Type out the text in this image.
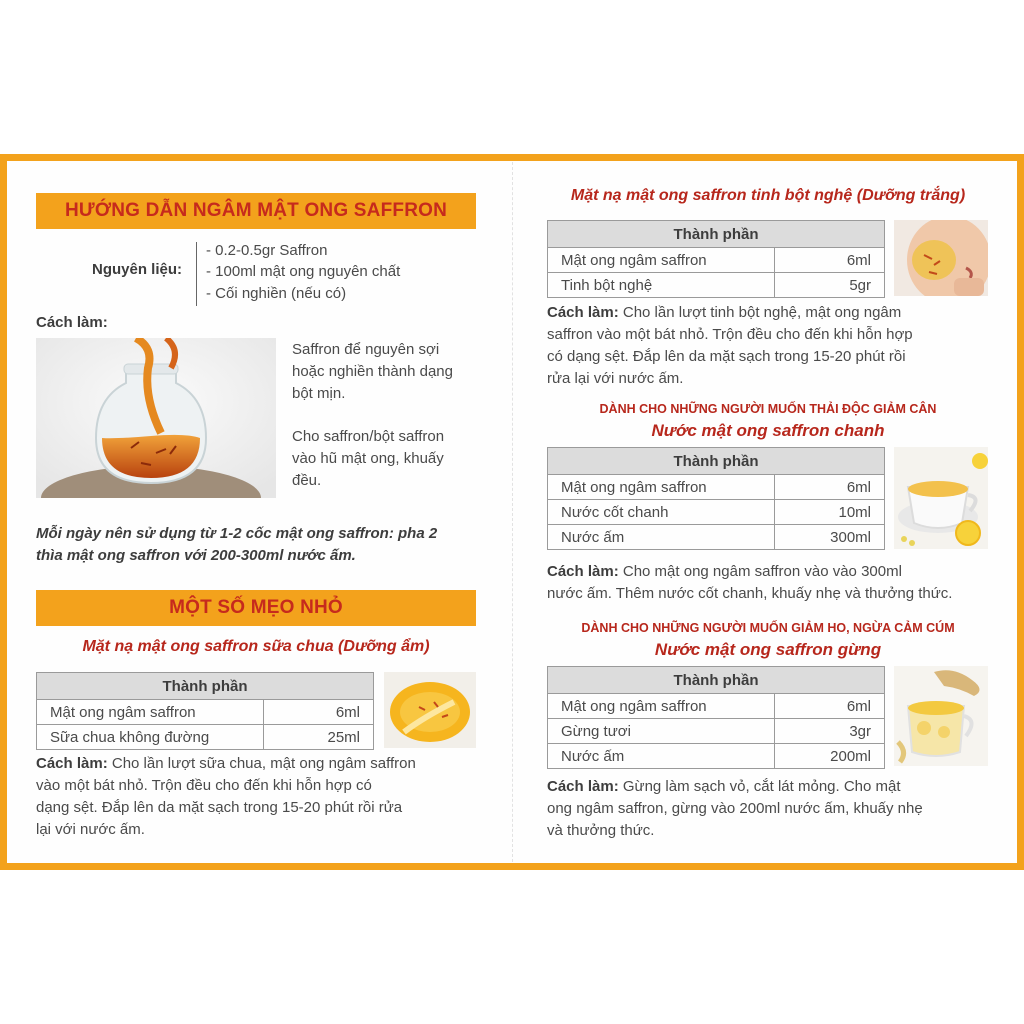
HƯỚNG DẪN NGÂM MẬT ONG SAFFRON
Nguyên liệu:
- 0.2-0.5gr Saffron
- 100ml mật ong nguyên chất
- Cối nghiền (nếu có)
Cách làm:
Saffron để nguyên sợi
hoặc nghiền thành dạng
bột mịn.
Cho saffron/bột saffron
vào hũ mật ong, khuấy
đều.
Mỗi ngày nên sử dụng từ 1-2 cốc mật ong saffron: pha 2
thìa mật ong saffron với 200-300ml nước ấm.
MỘT SỐ MẸO NHỎ
Mặt nạ mật ong saffron sữa chua (Dưỡng ẩm)
Thành phần	
Mật ong ngâm saffron	6ml
Sữa chua không đường	25ml
Cách làm: Cho lần lượt sữa chua, mật ong ngâm saffron
vào một bát nhỏ. Trộn đều cho đến khi hỗn hợp có
dạng sệt. Đắp lên da mặt sạch trong 15-20 phút rồi rửa
lại với nước ấm.
Mặt nạ mật ong saffron tinh bột nghệ (Dưỡng trắng)
Thành phần	
Mật ong ngâm saffron	6ml
Tinh bột nghệ	5gr
Cách làm: Cho lần lượt tinh bột nghệ, mật ong ngâm
saffron vào một bát nhỏ. Trộn đều cho đến khi hỗn hợp
có dạng sệt. Đắp lên da mặt sạch trong 15-20 phút rồi
rửa lại với nước ấm.
DÀNH CHO NHỮNG NGƯỜI MUỐN THẢI ĐỘC GIẢM CÂN
Nước mật ong saffron chanh
Thành phần	
Mật ong ngâm saffron	6ml
Nước cốt chanh	10ml
Nước ấm	300ml
Cách làm: Cho mật ong ngâm saffron vào vào 300ml
nước ấm. Thêm nước cốt chanh, khuấy nhẹ và thưởng thức.
DÀNH CHO NHỮNG NGƯỜI MUỐN GIẢM HO, NGỪA CẢM CÚM
Nước mật ong saffron gừng
Thành phần	
Mật ong ngâm saffron	6ml
Gừng tươi	3gr
Nước ấm	200ml
Cách làm: Gừng làm sạch vỏ, cắt lát mỏng. Cho mật
ong ngâm saffron, gừng vào 200ml nước ấm, khuấy nhẹ
và thưởng thức.
